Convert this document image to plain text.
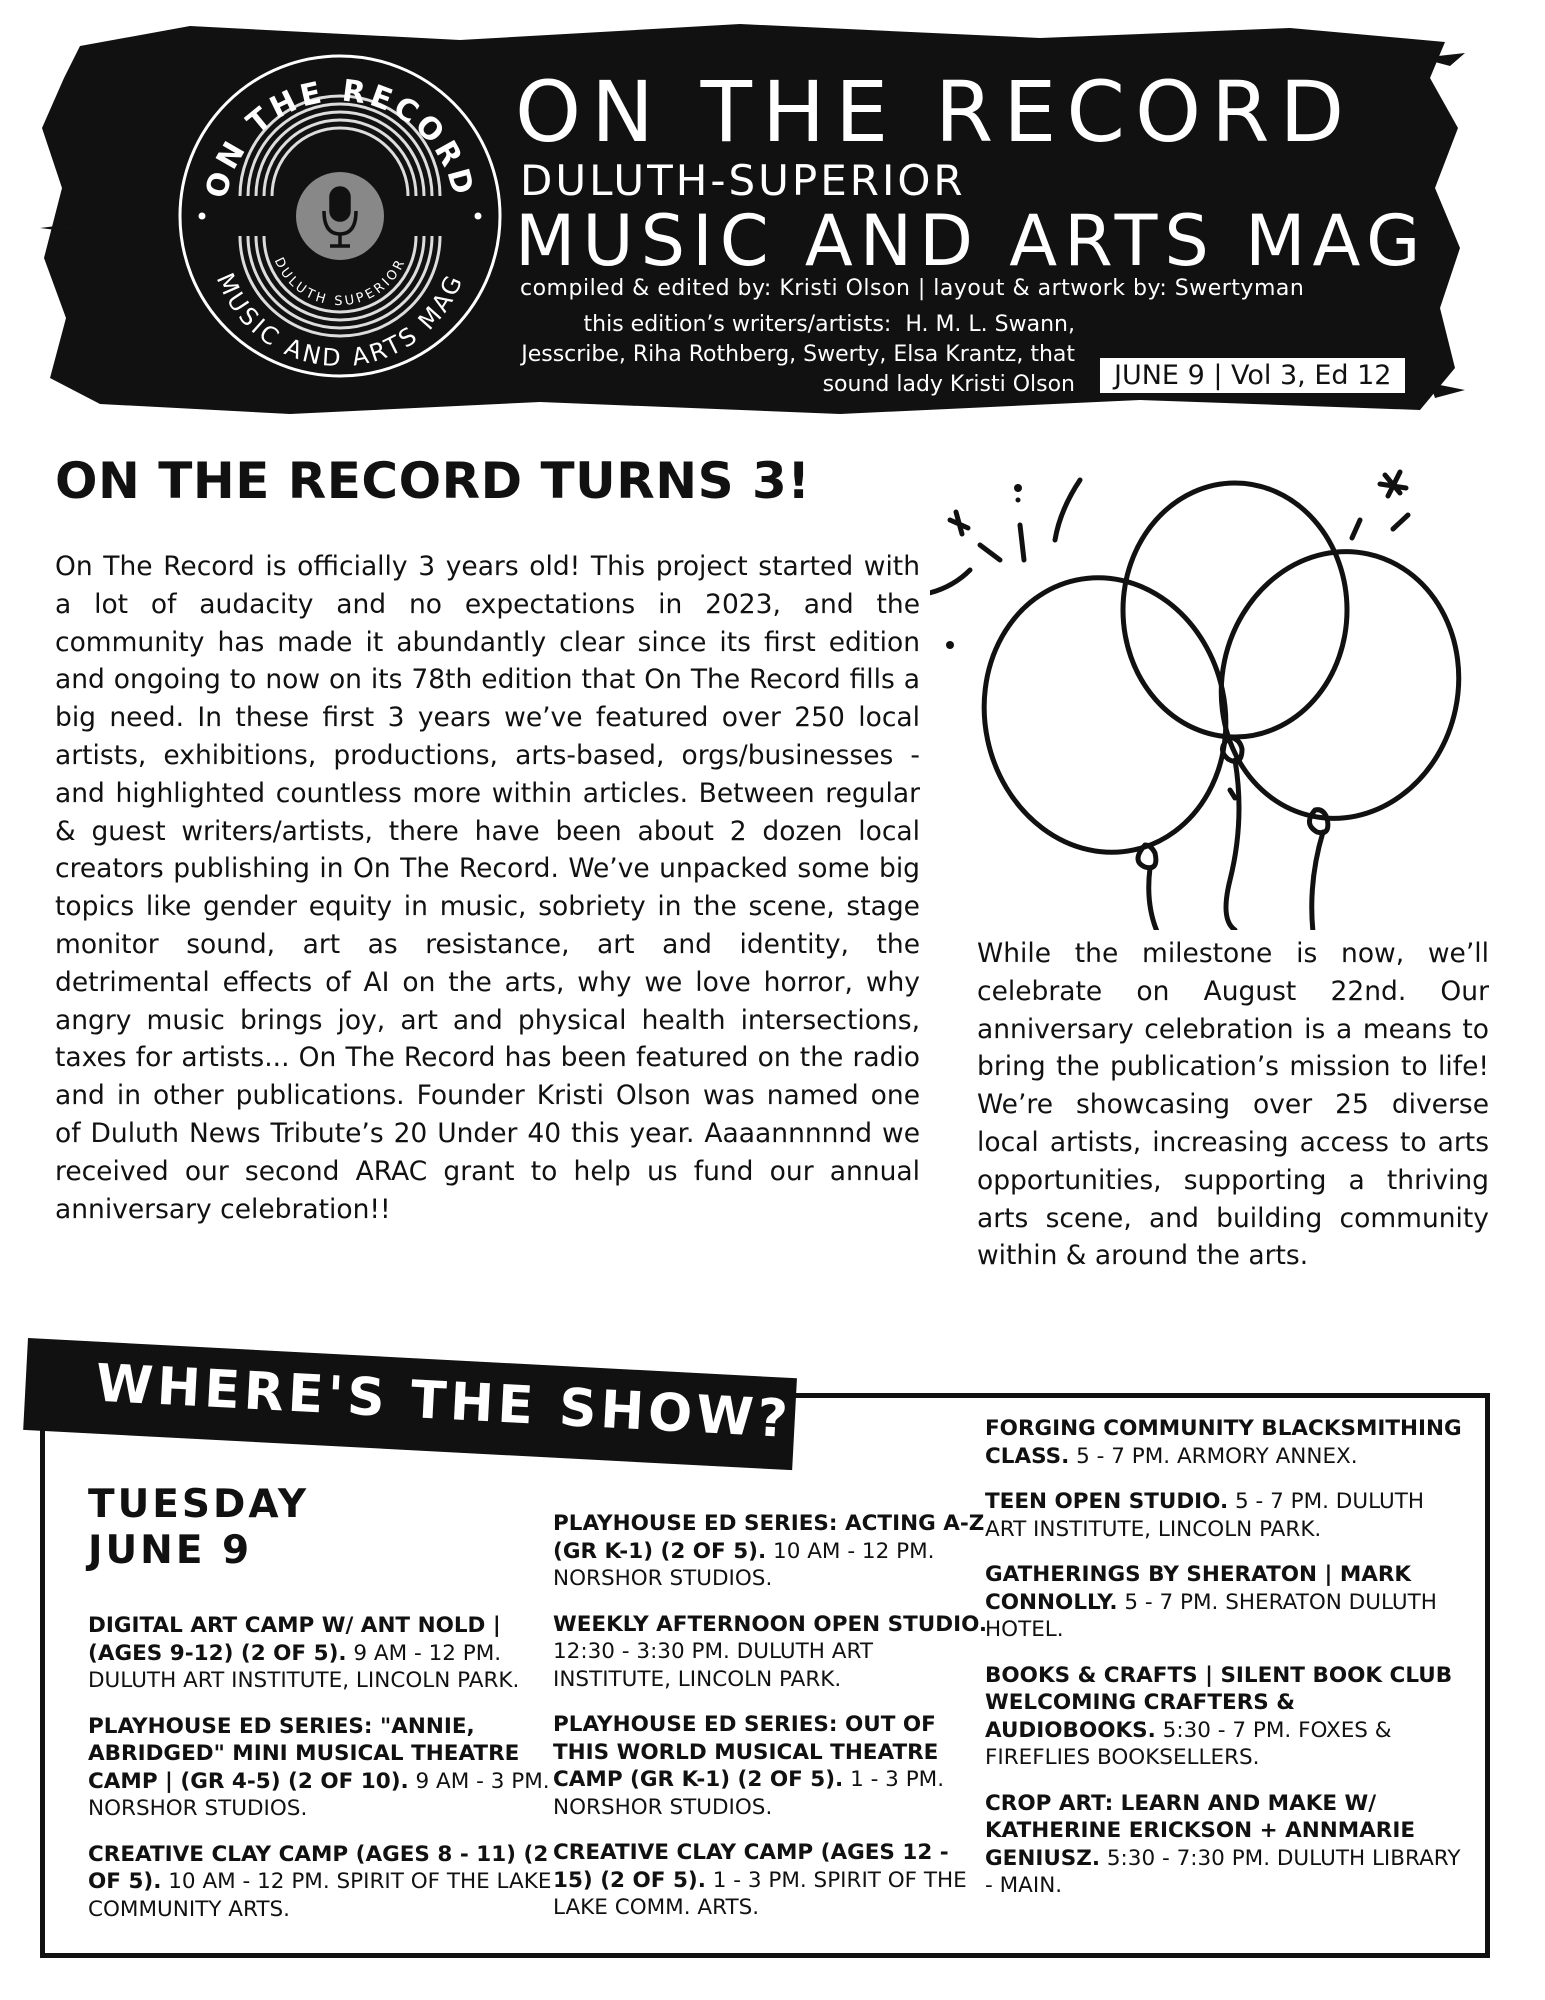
ON THE RECORD
DULUTH SUPERIOR
MUSIC AND ARTS MAG
ON THE RECORD
DULUTH-SUPERIOR
MUSIC AND ARTS MAG
compiled & edited by: Kristi Olson | layout & artwork by: Swertyman
this edition’s writers/artists: H. M. L. Swann, Jesscribe, Riha Rothberg, Swerty, Elsa Krantz, that sound lady Kristi Olson	JUNE 9 | Vol 3, Ed 12
ON THE RECORD TURNS 3!

On The Record is officially 3 years old! This project started with a lot of audacity and no expectations in 2023, and the community has made it abundantly clear since its first edition and ongoing to now on its 78th edition that On The Record fills a big need. In these first 3 years we’ve featured over 250 local artists, exhibitions, productions, arts-based, orgs/businesses - and highlighted countless more within articles. Between regular & guest writers/artists, there have been about 2 dozen local creators publishing in On The Record. We’ve unpacked some big topics like gender equity in music, sobriety in the scene, stage monitor sound, art as resistance, art and identity, the detrimental effects of AI on the arts, why we love horror, why angry music brings joy, art and physical health intersections, taxes for artists... On The Record has been featured on the radio and in other publications. Founder Kristi Olson was named one of Duluth News Tribute’s 20 Under 40 this year. Aaaannnnnd we received our second ARAC grant to help us fund our annual anniversary celebration!!

While the milestone is now, we’ll celebrate on August 22nd. Our anniversary celebration is a means to bring the publication’s mission to life! We’re showcasing over 25 diverse local artists, increasing access to arts opportunities, supporting a thriving arts scene, and building community within & around the arts.

WHERE'S THE SHOW?
TUESDAY
JUNE 9
DIGITAL ART CAMP W/ ANT NOLD | (AGES 9-12) (2 OF 5). 9 AM - 12 PM. DULUTH ART INSTITUTE, LINCOLN PARK.
PLAYHOUSE ED SERIES: "ANNIE, ABRIDGED" MINI MUSICAL THEATRE CAMP | (GR 4-5) (2 OF 10). 9 AM - 3 PM. NORSHOR STUDIOS.
CREATIVE CLAY CAMP (AGES 8 - 11) (2 OF 5). 10 AM - 12 PM. SPIRIT OF THE LAKE COMMUNITY ARTS.
PLAYHOUSE ED SERIES: ACTING A-Z (GR K-1) (2 OF 5). 10 AM - 12 PM. NORSHOR STUDIOS.
WEEKLY AFTERNOON OPEN STUDIO. 12:30 - 3:30 PM. DULUTH ART INSTITUTE, LINCOLN PARK.
PLAYHOUSE ED SERIES: OUT OF THIS WORLD MUSICAL THEATRE CAMP (GR K-1) (2 OF 5). 1 - 3 PM. NORSHOR STUDIOS.
CREATIVE CLAY CAMP (AGES 12 - 15) (2 OF 5). 1 - 3 PM. SPIRIT OF THE LAKE COMM. ARTS.
FORGING COMMUNITY BLACKSMITHING CLASS. 5 - 7 PM. ARMORY ANNEX.
TEEN OPEN STUDIO. 5 - 7 PM. DULUTH ART INSTITUTE, LINCOLN PARK.
GATHERINGS BY SHERATON | MARK CONNOLLY. 5 - 7 PM. SHERATON DULUTH HOTEL.
BOOKS & CRAFTS | SILENT BOOK CLUB WELCOMING CRAFTERS & AUDIOBOOKS. 5:30 - 7 PM. FOXES & FIREFLIES BOOKSELLERS.
CROP ART: LEARN AND MAKE W/ KATHERINE ERICKSON + ANNMARIE GENIUSZ. 5:30 - 7:30 PM. DULUTH LIBRARY - MAIN.
